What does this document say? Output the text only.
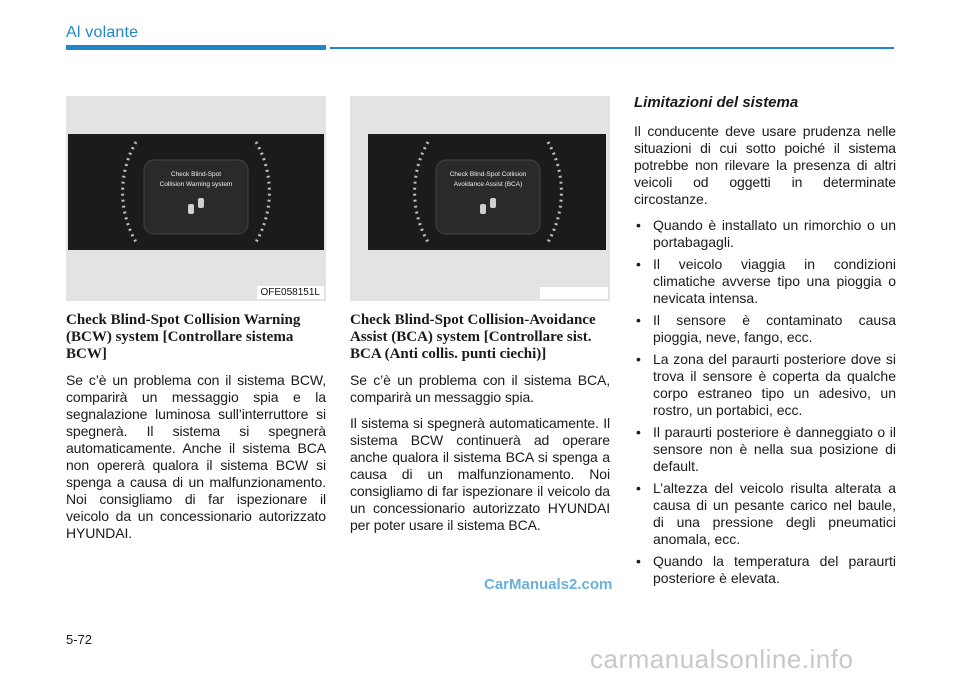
Al volante
Check Blind-Spot
Collision Warning system
OFE058151L
Check Blind-Spot Collision
Avoidance Assist (BCA)
Check Blind-Spot Collision Warning (BCW) system [Controllare sistema BCW]

Se c’è un problema con il sistema BCW, comparirà un messaggio spia e la segnalazione luminosa sull’interruttore si spegnerà. Il sistema si spegnerà automaticamente. Anche il sistema BCA non opererà qualora il sistema BCW si spenga a causa di un malfunzionamento. Noi consigliamo di far ispezionare il veicolo da un concessionario autorizzato HYUNDAI.

Check Blind-Spot Collision-Avoidance Assist (BCA) system [Controllare sist. BCA (Anti collis. punti ciechi)]

Se c’è un problema con il sistema BCA, comparirà un messaggio spia.

Il sistema si spegnerà automaticamente. Il sistema BCW continuerà ad operare anche qualora il sistema BCA si spenga a causa di un malfunzionamento. Noi consigliamo di far ispezionare il veicolo da un concessionario autorizzato HYUNDAI per poter usare il sistema BCA.

Limitazioni del sistema

Il conducente deve usare prudenza nelle situazioni di cui sotto poiché il sistema potrebbe non rilevare la presenza di altri veicoli od oggetti in determinate circostanze.

• Quando è installato un rimorchio o un portabagagli.
• Il veicolo viaggia in condizioni climatiche avverse tipo una pioggia o nevicata intensa.
• Il sensore è contaminato causa pioggia, neve, fango, ecc.
• La zona del paraurti posteriore dove si trova il sensore è coperta da qualche corpo estraneo tipo un adesivo, un rostro, un portabici, ecc.
• Il paraurti posteriore è danneggiato o il sensore non è nella sua posizione di default.
• L’altezza del veicolo risulta alterata a causa di un pesante carico nel baule, di una pressione degli pneumatici anomala, ecc.
• Quando la temperatura del paraurti posteriore è elevata.
CarManuals2.com
5-72
carmanualsonline.info
